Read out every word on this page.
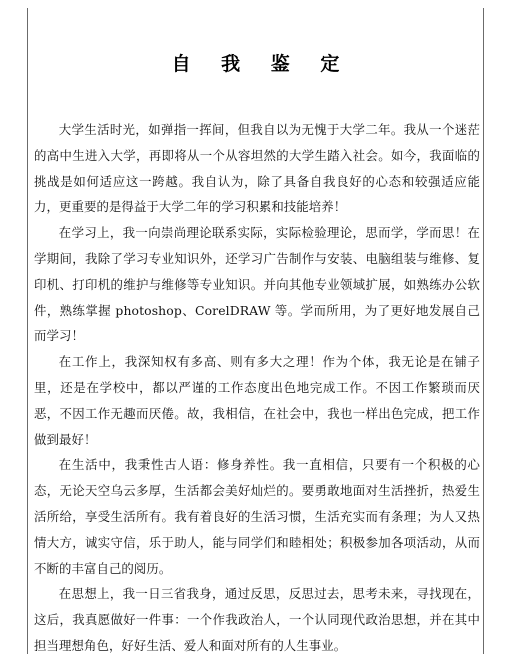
自 我 鉴 定

大学生活时光，如弹指一挥间，但我自以为无愧于大学二年。我从一个迷茫的高中生进入大学，再即将从一个从容坦然的大学生踏入社会。如今，我面临的挑战是如何适应这一跨越。我自认为，除了具备自我良好的心态和较强适应能力，更重要的是得益于大学二年的学习积累和技能培养！

在学习上，我一向崇尚理论联系实际，实际检验理论，思而学，学而思！在学期间，我除了学习专业知识外，还学习广告制作与安装、电脑组装与维修、复印机、打印机的维护与维修等专业知识。并向其他专业领域扩展，如熟练办公软件，熟练掌握 photoshop、CorelDRAW 等。学而所用，为了更好地发展自己而学习！

在工作上，我深知权有多高、则有多大之理！作为个体，我无论是在铺子里，还是在学校中，都以严谨的工作态度出色地完成工作。不因工作繁琐而厌恶，不因工作无趣而厌倦。故，我相信，在社会中，我也一样出色完成，把工作做到最好！

在生活中，我秉性古人语：修身养性。我一直相信，只要有一个积极的心态，无论天空乌云多厚，生活都会美好灿烂的。要勇敢地面对生活挫折，热爱生活所给，享受生活所有。我有着良好的生活习惯，生活充实而有条理；为人又热情大方，诚实守信，乐于助人，能与同学们和睦相处；积极参加各项活动，从而不断的丰富自己的阅历。

在思想上，我一日三省我身，通过反思，反思过去，思考未来，寻找现在，这后，我真愿做好一件事：一个作我政治人，一个认同现代政治思想，并在其中担当理想角色，好好生活、爱人和面对所有的人生事业。
